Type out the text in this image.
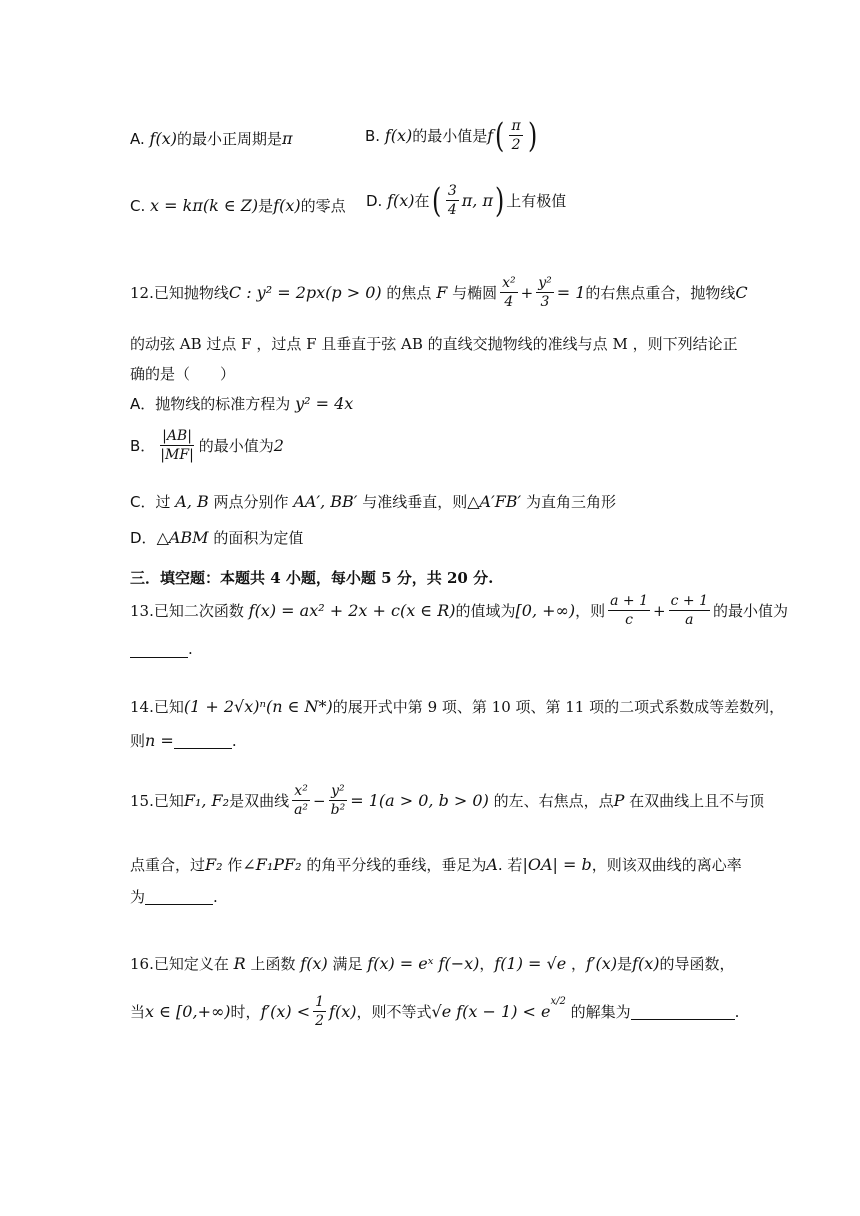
A.
f(x) 的最小正周期是 π	B.
f(x) 的最小值是 f ( $\frac{\pi}{2}$ )
C.
x = kπ(k ∈ Z) 是 f(x) 的零点 D.
f(x) 在 ( $\frac{3}{4} \pi$, π ) 上有极值
12.已知抛物线 C : y² = 2px(p > 0)
的焦点
F
与椭圆 $\frac{\text{x²}}{4} + \frac{\text{y²}}{3} = 1$ 的右焦点重合，抛物线 C
的动弦 AB 过点 F ，过点 F 且垂直于弦 AB 的直线交抛物线的准线与点 M ，则下列结论正
确的是（　　）
A． 抛物线的标准方程为
y² = 4x
B． $\frac{|AB|}{|MF|}$ 的最小值为 2
C． 过
A, B
两点分别作
AA′, BB′
与准线垂直，则 △A′FB′
为直角三角形
D． △ABM
的面积为定值
三．填空题：本题共 4 小题，每小题 5 分，共 20 分.
13.已知二次函数
f(x) = ax² + 2x + c(x ∈ R) 的值域为 [0, +∞) ，则 $\frac{a + 1}{c} + \frac{c + 1}{a}$ 的最小值为
.
14.已知 (1 + 2√x)ⁿ(n ∈ N*) 的展开式中第 9 项、第 10 项、第 11 项的二项式系数成等差数列，
则 n =	.
15.已知 F₁, F₂ 是双曲线 $\frac{\text{x²}}{\text{a²}} - \frac{\text{y²}}{\text{b²}} = 1(a > 0$, b > 0)
的左、右焦点，点 P
在双曲线上且不与顶
点重合，过 F₂
作 ∠F₁PF₂
的角平分线的垂线，垂足为 A . 若 |OA| = b ，则该双曲线的离心率
为	.
16.已知定义在
R
上函数
f(x)
满足
f(x) = eˣ f(−x) ， f(1) = √e
， f′(x) 是 f(x) 的导函数，
当 x ∈ [0,+∞) 时， $f'(x) < \frac{1}{2} f(x)$ ，则不等式 √e f(x − 1) < e
$^{x/2}$

的解集为	.
